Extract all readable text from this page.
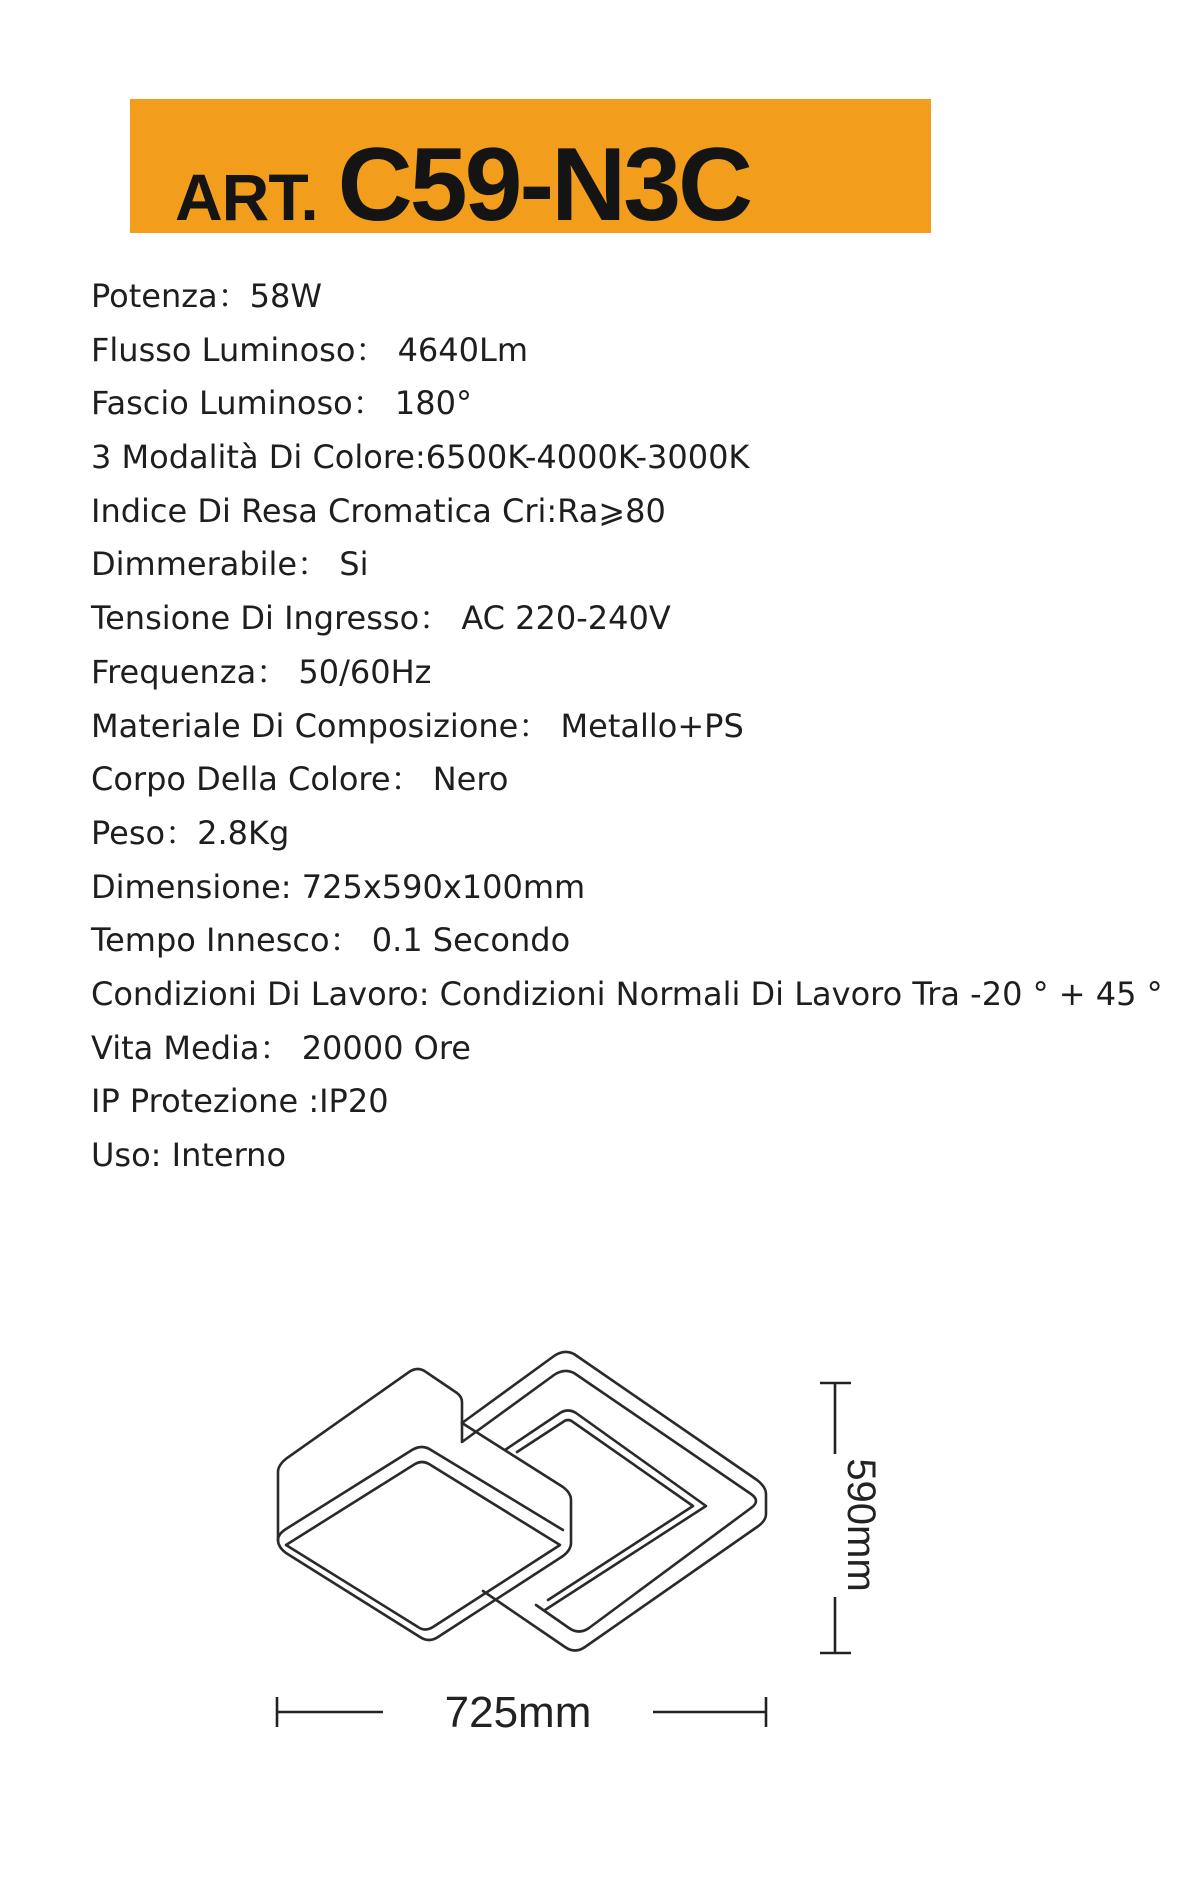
ART. C59-N3C
Potenza：58W
Flusso Luminoso： 4640Lm
Fascio Luminoso： 180°
3 Modalità Di Colore:6500K-4000K-3000K
Indice Di Resa Cromatica Cri:Ra⩾80
Dimmerabile： Si
Tensione Di Ingresso： AC 220-240V
Frequenza： 50/60Hz
Materiale Di Composizione： Metallo+PS
Corpo Della Colore： Nero
Peso：2.8Kg
Dimensione: 725x590x100mm
Tempo Innesco： 0.1 Secondo
Condizioni Di Lavoro: Condizioni Normali Di Lavoro Tra -20 ° + 45 °
Vita Media： 20000 Ore
IP Protezione :IP20
Uso: Interno
590mm
725mm
